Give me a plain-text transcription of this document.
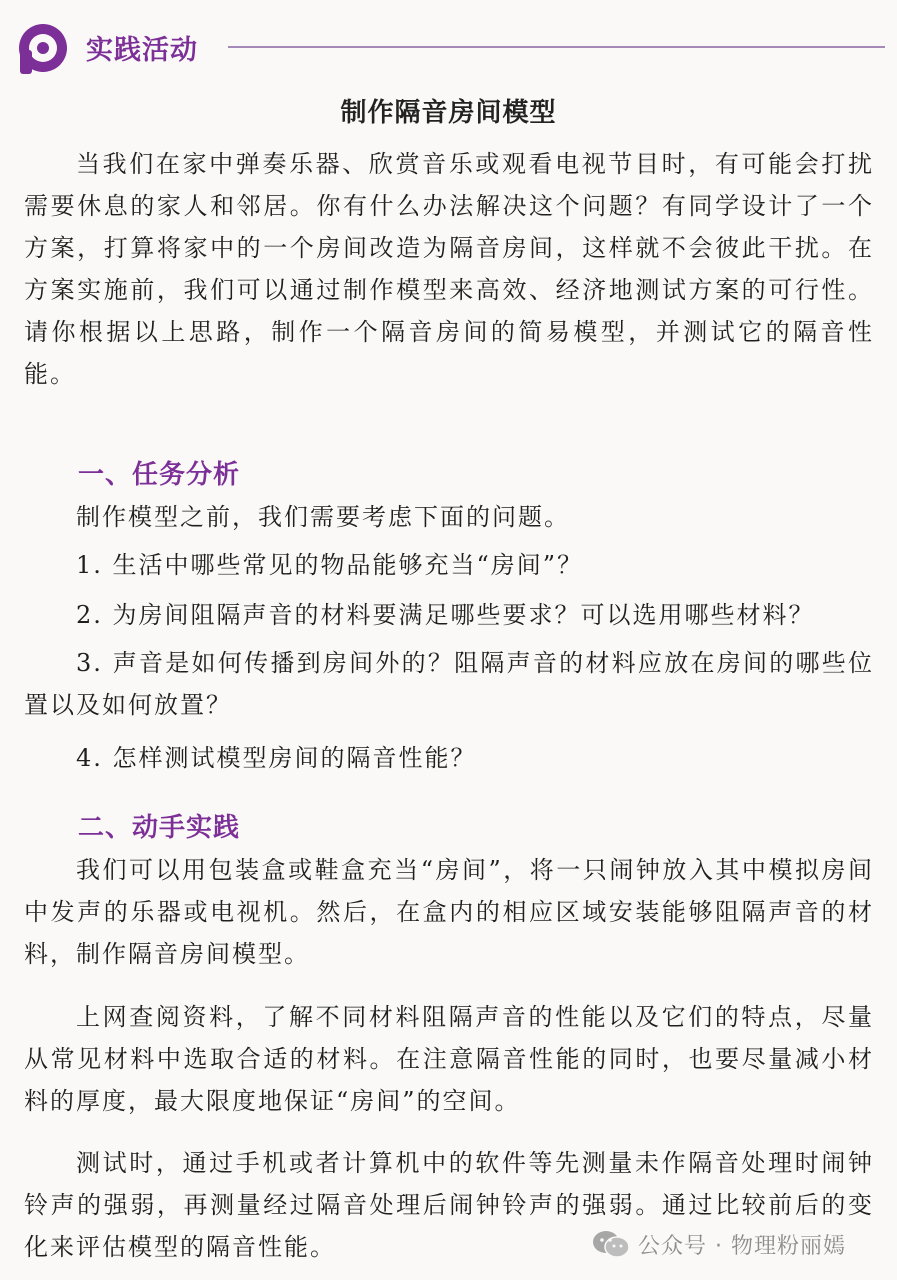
实践活动
制作隔音房间模型

当我们在家中弹奏乐器、欣赏音乐或观看电视节目时，有可能会打扰需要休息的家人和邻居。你有什么办法解决这个问题？有同学设计了一个方案，打算将家中的一个房间改造为隔音房间，这样就不会彼此干扰。在方案实施前，我们可以通过制作模型来高效、经济地测试方案的可行性。请你根据以上思路，制作一个隔音房间的简易模型，并测试它的隔音性能。

一、任务分析

制作模型之前，我们需要考虑下面的问题。

1. 生活中哪些常见的物品能够充当“房间”？

2. 为房间阻隔声音的材料要满足哪些要求？可以选用哪些材料？

3. 声音是如何传播到房间外的？阻隔声音的材料应放在房间的哪些位置以及如何放置？

4. 怎样测试模型房间的隔音性能？

二、动手实践

我们可以用包装盒或鞋盒充当“房间”，将一只闹钟放入其中模拟房间中发声的乐器或电视机。然后，在盒内的相应区域安装能够阻隔声音的材料，制作隔音房间模型。

上网查阅资料，了解不同材料阻隔声音的性能以及它们的特点，尽量从常见材料中选取合适的材料。在注意隔音性能的同时，也要尽量减小材料的厚度，最大限度地保证“房间”的空间。

测试时，通过手机或者计算机中的软件等先测量未作隔音处理时闹钟铃声的强弱，再测量经过隔音处理后闹钟铃声的强弱。通过比较前后的变化来评估模型的隔音性能。	公众号 · 物理粉丽嫣
